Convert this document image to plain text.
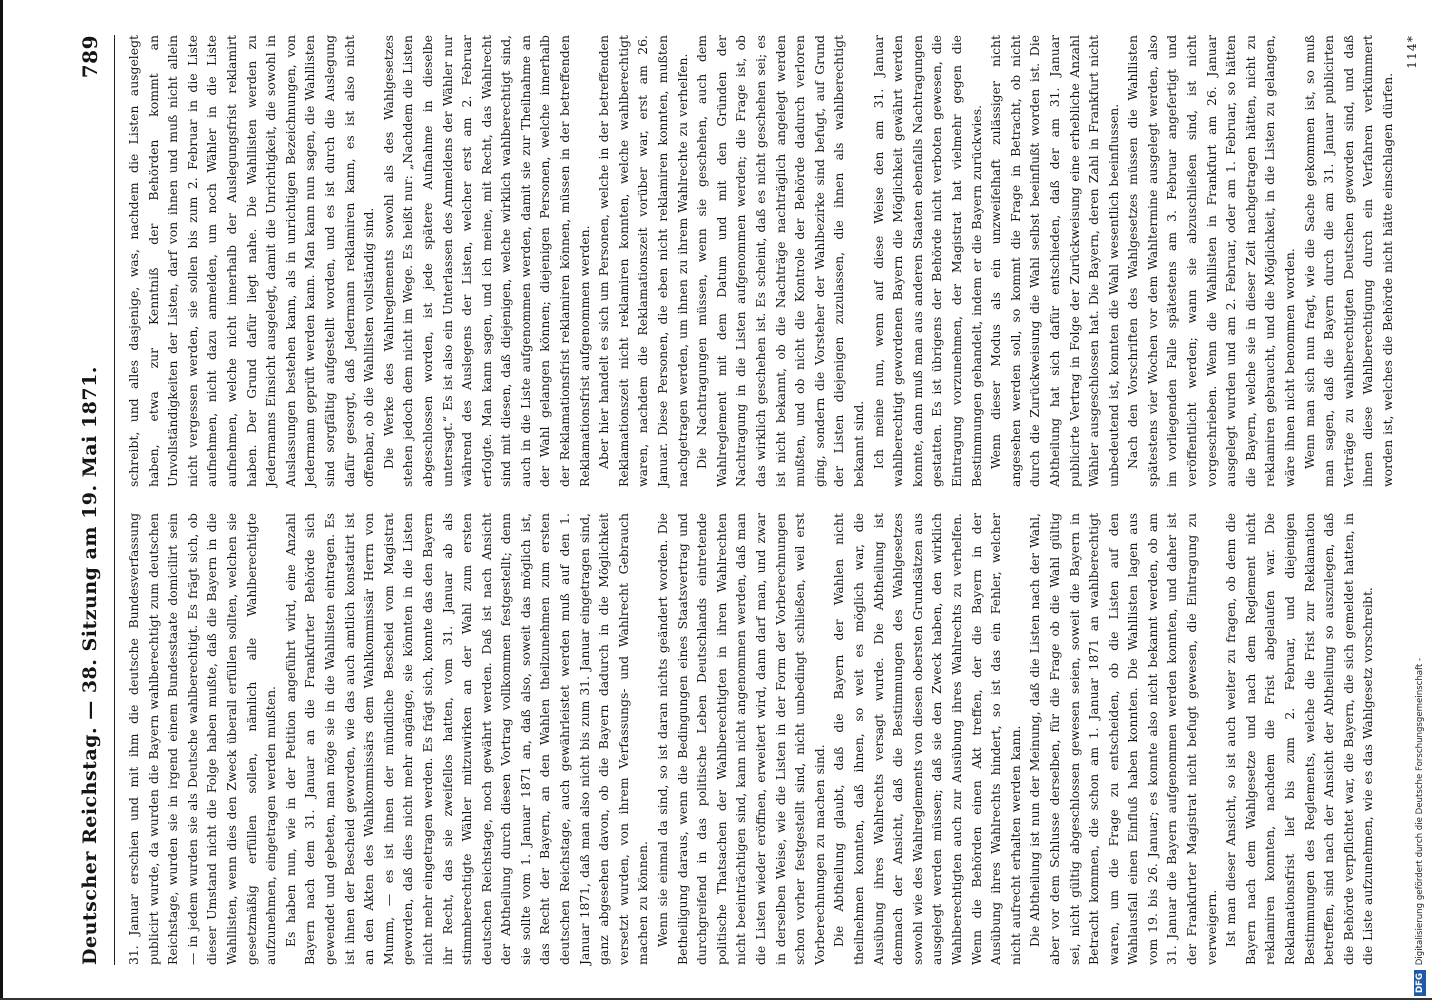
Deutscher Reichstag. — 38. Sitzung am 19. Mai 1871.
789

31. Januar erschien und mit ihm die deutsche Bundesverfassung publicirt wurde, da wurden die Bayern wahlberechtigt zum deutschen Reichstage, wurden sie in irgend einem Bundesstaate domicilirt sein — in jedem wurden sie als Deutsche wahlberechtigt. Es frägt sich, ob dieser Umstand nicht die Folge haben mußte, daß die Bayern in die Wahllisten, wenn dies den Zweck überall erfüllen sollten, welchen sie gesetzmäßig erfüllen sollen, nämlich alle Wahlberechtigte aufzunehmen, eingetragen werden mußten. Es haben nun, wie in der Petition angeführt wird, eine Anzahl Bayern nach dem 31. Januar an die Frankfurter Behörde sich gewendet und gebeten, man möge sie in die Wahllisten eintragen. Es ist ihnen der Bescheid geworden, wie das auch amtlich konstatirt ist an den Akten des Wahlkommissärs dem Wahlkommissär Herrn von Mumm, — es ist ihnen der mündliche Bescheid vom Magistrat geworden, daß dies nicht mehr angänge, sie könnten in die Listen nicht mehr eingetragen werden. Es frägt sich, konnte das den Bayern ihr Recht, das sie zweifellos hatten, vom 31. Januar ab als stimmberechtigte Wähler mitzuwirken an der Wahl zum ersten deutschen Reichstage, noch gewährt werden. Daß ist nach Ansicht der Abtheilung durch diesen Vortrag vollkommen festgestellt; denn sie sollte vom 1. Januar 1871 an, daß also, soweit das möglich ist, das Recht der Bayern, an den Wahlen theilzunehmen zum ersten deutschen Reichstage, auch gewährleistet werden muß auf den 1. Januar 1871, daß man also nicht bis zum 31. Januar eingetragen sind, ganz abgesehen davon, ob die Bayern dadurch in die Möglichkeit versetzt wurden, von ihrem Verfassungs- und Wahlrecht Gebrauch machen zu können. Wenn sie einmal da sind, so ist daran nichts geändert worden. Die Betheiligung daraus, wenn die Bedingungen eines Staatsvertrag und durchgreifend in das politische Leben Deutschlands eintretende politische Thatsachen der Wahlberechtigten in ihren Wahlrechten nicht beeinträchtigen sind, kann nicht angenommen werden, daß man die Listen wieder eröffnen, erweitert wird, dann darf man, und zwar in derselben Weise, wie die Listen in der Form der Vorberechnungen schon vorher festgestellt sind, nicht unbedingt schließen, weil erst Vorberechnungen zu machen sind. Die Abtheilung glaubt, daß die Bayern der Wahlen nicht theilnehmen konnten, daß ihnen, so weit es möglich war, die Ausübung ihres Wahlrechts versagt wurde. Die Abtheilung ist demnach der Ansicht, daß die Bestimmungen des Wahlgesetzes sowohl wie des Wahlreglements von diesen obersten Grundsätzen aus ausgelegt werden müssen; daß sie den Zweck haben, den wirklich Wahlberechtigten auch zur Ausübung ihres Wahlrechts zu verhelfen. Wenn die Behörden einen Akt treffen, der die Bayern in der Ausübung ihres Wahlrechts hindert, so ist das ein Fehler, welcher nicht aufrecht erhalten werden kann. Die Abtheilung ist nun der Meinung, daß die Listen nach der Wahl, aber vor dem Schlusse derselben, für die Frage ob die Wahl gültig sei, nicht gültig abgeschlossen gewesen seien, soweit die Bayern in Betracht kommen, die schon am 1. Januar 1871 an wahlberechtigt waren, um die Frage zu entscheiden, ob die Listen auf den Wahlausfall einen Einfluß haben konnten. Die Wahllisten lagen aus vom 19. bis 26. Januar; es konnte also nicht bekannt werden, ob am 31. Januar die Bayern aufgenommen werden konnten, und daher ist der Frankfurter Magistrat nicht befugt gewesen, die Eintragung zu verweigern. Ist man dieser Ansicht, so ist auch weiter zu fragen, ob denn die Bayern nach dem Wahlgesetze und nach dem Reglement nicht reklamiren konnten, nachdem die Frist abgelaufen war. Die Reklamationsfrist lief bis zum 2. Februar, und diejenigen Bestimmungen des Reglements, welche die Frist zur Reklamation betreffen, sind nach der Ansicht der Abtheilung so auszulegen, daß die Behörde verpflichtet war, die Bayern, die sich gemeldet hatten, in die Liste aufzunehmen, wie es das Wahlgesetz vorschreibt.

schreibt, und alles dasjenige, was, nachdem die Listen ausgelegt haben, etwa zur Kenntniß der Behörden kommt an Unvollständigkeiten der Listen, darf von ihnen und muß nicht allein nicht vergessen werden, sie sollen bis zum 2. Februar in die Liste aufnehmen, nicht dazu anmelden, um noch Wähler in die Liste aufnehmen, welche nicht innerhalb der Auslegungsfrist reklamirt haben. Der Grund dafür liegt nahe. Die Wahllisten werden zu Jedermanns Einsicht ausgelegt, damit die Unrichtigkeit, die sowohl in Auslassungen bestehen kann, als in unrichtigen Bezeichnungen, von Jedermann geprüft werden kann. Man kann nun sagen, die Wahllisten sind sorgfältig aufgestellt worden, und es ist durch die Auslegung dafür gesorgt, daß Jedermann reklamiren kann, es ist also nicht offenbar, ob die Wahllisten vollständig sind. Die Werke des Wahlreglements sowohl als des Wahlgesetzes stehen jedoch dem nicht im Wege. Es heißt nur: „Nachdem die Listen abgeschlossen worden, ist jede spätere Aufnahme in dieselbe untersagt.“ Es ist also ein Unterlassen des Anmeldens der Wähler nur während des Auslegens der Listen, welcher erst am 2. Februar erfolgte. Man kann sagen, und ich meine, mit Recht, das Wahlrecht sind mit diesen, daß diejenigen, welche wirklich wahlberechtigt sind, auch in die Liste aufgenommen werden, damit sie zur Theilnahme an der Wahl gelangen können; diejenigen Personen, welche innerhalb der Reklamationsfrist reklamiren können, müssen in der betreffenden Reklamationsfrist aufgenommen werden. Aber hier handelt es sich um Personen, welche in der betreffenden Reklamationszeit nicht reklamiren konnten, welche wahlberechtigt waren, nachdem die Reklamationszeit vorüber war, erst am 26. Januar. Diese Personen, die eben nicht reklamiren konnten, mußten nachgetragen werden, um ihnen zu ihrem Wahlrechte zu verhelfen. Die Nachtragungen müssen, wenn sie geschehen, auch dem Wahlreglement mit dem Datum und mit den Gründen der Nachtragung in die Listen aufgenommen werden; die Frage ist, ob das wirklich geschehen ist. Es scheint, daß es nicht geschehen sei; es ist nicht bekannt, ob die Nachträge nachträglich angelegt werden mußten, und ob nicht die Kontrole der Behörde dadurch verloren ging, sondern die Vorsteher der Wahlbezirke sind befugt, auf Grund der Listen diejenigen zuzulassen, die ihnen als wahlberechtigt bekannt sind. Ich meine nun, wenn auf diese Weise den am 31. Januar wahlberechtigt gewordenen Bayern die Möglichkeit gewährt werden konnte, dann muß man aus anderen Staaten ebenfalls Nachtragungen gestatten. Es ist übrigens der Behörde nicht verboten gewesen, die Eintragung vorzunehmen, der Magistrat hat vielmehr gegen die Bestimmungen gehandelt, indem er die Bayern zurückwies. Wenn dieser Modus als ein unzweifelhaft zulässiger nicht angesehen werden soll, so kommt die Frage in Betracht, ob nicht durch die Zurückweisung die Wahl selbst beeinflußt worden ist. Die Abtheilung hat sich dafür entschieden, daß der am 31. Januar publicirte Vertrag in Folge der Zurückweisung eine erhebliche Anzahl Wähler ausgeschlossen hat. Die Bayern, deren Zahl in Frankfurt nicht unbedeutend ist, konnten die Wahl wesentlich beeinflussen. Nach den Vorschriften des Wahlgesetzes müssen die Wahllisten spätestens vier Wochen vor dem Wahltermine ausgelegt werden, also im vorliegenden Falle spätestens am 3. Februar angefertigt und veröffentlicht werden; wann sie abzuschließen sind, ist nicht vorgeschrieben. Wenn die Wahllisten in Frankfurt am 26. Januar ausgelegt wurden und am 2. Februar, oder am 1. Februar, so hätten die Bayern, welche sie in dieser Zeit nachgetragen hätten, nicht zu reklamiren gebraucht, und die Möglichkeit, in die Listen zu gelangen, wäre ihnen nicht benommen worden. Wenn man sich nun fragt, wie die Sache gekommen ist, so muß man sagen, daß die Bayern durch die am 31. Januar publicirten Verträge zu wahlberechtigten Deutschen geworden sind, und daß ihnen diese Wahlberechtigung durch ein Verfahren verkümmert worden ist, welches die Behörde nicht hätte einschlagen dürfen.

114*
DFG Digitalisierung gefördert durch die Deutsche Forschungsgemeinschaft -
